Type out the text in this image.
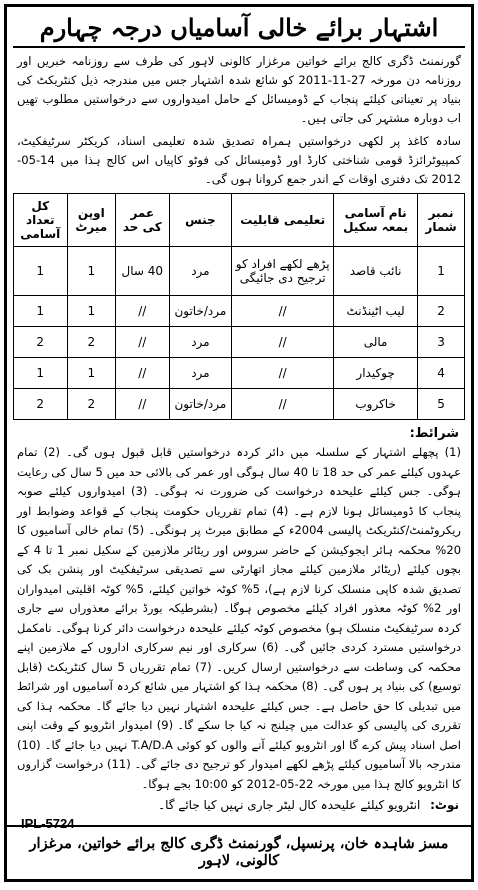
اشتہار برائے خالی آسامیاں درجہ چہارم

گورنمنٹ ڈگری کالج برائے خواتین مرغزار کالونی لاہور کی طرف سے روزنامہ خبریں اور روزنامہ دن مورخہ 27-11-2011 کو شائع شدہ اشتہار جس میں مندرجہ ذیل کنٹریکٹ کی بنیاد پر تعیناتی کیلئے پنجاب کے ڈومیسائل کے حامل امیدواروں سے درخواستیں مطلوب تھیں اب دوبارہ مشتہر کی جاتی ہیں۔

سادہ کاغذ پر لکھی درخواستیں ہمراہ تصدیق شدہ تعلیمی اسناد، کریکٹر سرٹیفکیٹ، کمپیوٹرائزڈ قومی شناختی کارڈ اور ڈومیسائل کی فوٹو کاپیاں اس کالج ہذا میں 14-05-2012 تک دفتری اوقات کے اندر جمع کروانا ہوں گی۔

نمبر شمار	نام آسامی بمعہ سکیل	تعلیمی قابلیت	جنس	عمر کی حد	اوپن میرٹ	کل تعداد آسامی
1	نائب قاصد	پڑھے لکھے افراد کو ترجیح دی جائیگی	مرد	40 سال	1	1
2	لیب اٹینڈنٹ	//	مرد/خاتون	//	1	1
3	مالی	//	مرد	//	2	2
4	چوکیدار	//	مرد	//	1	1
5	خاکروب	//	مرد/خاتون	//	2	2
شرائط:

(1) پچھلے اشتہار کے سلسلہ میں دائر کردہ درخواستیں قابل قبول ہوں گی۔ (2) تمام عہدوں کیلئے عمر کی حد 18 تا 40 سال ہوگی اور عمر کی بالائی حد میں 5 سال کی رعایت ہوگی۔ جس کیلئے علیحدہ درخواست کی ضرورت نہ ہوگی۔ (3) امیدواروں کیلئے صوبہ پنجاب کا ڈومیسائل ہونا لازم ہے۔ (4) تمام تقرریاں حکومت پنجاب کے قواعد وضوابط اور ریکروٹمنٹ/کنٹریکٹ پالیسی 2004ء کے مطابق میرٹ پر ہونگی۔ (5) تمام خالی آسامیوں کا 20% محکمہ ہائر ایجوکیشن کے حاضر سروس اور ریٹائر ملازمین کے سکیل نمبر 1 تا 4 کے بچوں کیلئے (ریٹائر ملازمین کیلئے مجاز اتھارٹی سے تصدیقی سرٹیفکیٹ اور پنشن بک کی تصدیق شدہ کاپی منسلک کرنا لازم ہے)، 5% کوٹہ خواتین کیلئے، 5% کوٹہ اقلیتی امیدواران اور 2% کوٹہ معذور افراد کیلئے مخصوص ہوگا۔ (بشرطیکہ بورڈ برائے معذوراں سے جاری کردہ سرٹیفکیٹ منسلک ہو) مخصوص کوٹہ کیلئے علیحدہ درخواست دائر کرنا ہوگی۔ نامکمل درخواستیں مسترد کردی جائیں گی۔ (6) سرکاری اور نیم سرکاری اداروں کے ملازمین اپنے محکمہ کی وساطت سے درخواستیں ارسال کریں۔ (7) تمام تقرریاں 5 سال کنٹریکٹ (قابل توسیع) کی بنیاد پر ہوں گی۔ (8) محکمہ ہذا کو اشتہار میں شائع کردہ آسامیوں اور شرائط میں تبدیلی کا حق حاصل ہے۔ جس کیلئے علیحدہ اشتہار نہیں دیا جائے گا۔ محکمہ ہذا کی تقرری کی پالیسی کو عدالت میں چیلنج نہ کیا جا سکے گا۔ (9) امیدوار انٹرویو کے وقت اپنی اصل اسناد پیش کرے گا اور انٹرویو کیلئے آنے والوں کو کوئی T.A/D.A نہیں دیا جائے گا۔ (10) مندرجہ بالا آسامیوں کیلئے پڑھے لکھے امیدوار کو ترجیح دی جائے گی۔ (11) درخواست گزاروں کا انٹرویو کالج ہذا میں مورخہ 22-05-2012 کو 10:00 بجے ہوگا۔

نوٹ: انٹرویو کیلئے علیحدہ کال لیٹر جاری نہیں کیا جائے گا۔

IPL-5724
مسز شاہدہ خان، پرنسپل، گورنمنٹ ڈگری کالج برائے خواتین، مرغزار کالونی، لاہور
